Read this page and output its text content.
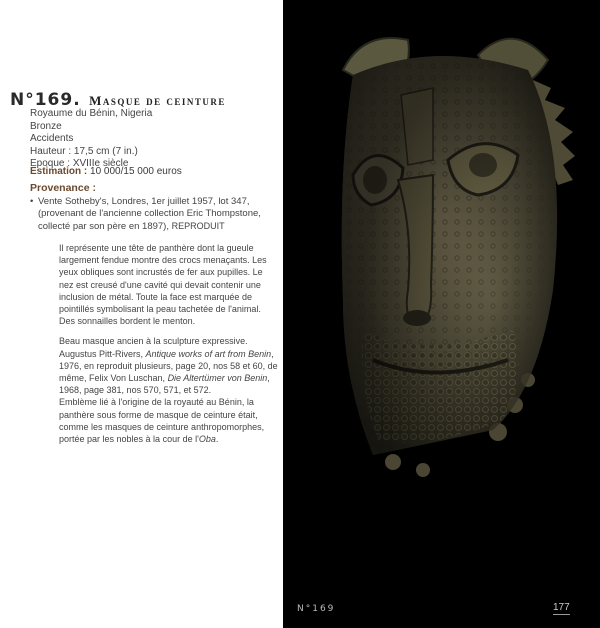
N°169. Masque de ceinture
Royaume du Bénin, Nigeria
Bronze
Accidents
Hauteur : 17,5 cm (7 in.)
Epoque : XVIIIe siècle
Estimation : 10 000/15 000 euros
Provenance :
• Vente Sotheby's, Londres, 1er juillet 1957, lot 347, (provenant de l'ancienne collection Eric Thompstone, collecté par son père en 1897), REPRODUIT

Il représente une tête de panthère dont la gueule largement fendue montre des crocs menaçants. Les yeux obliques sont incrustés de fer aux pupilles. Le nez est creusé d'une cavité qui devait contenir une inclusion de métal. Toute la face est marquée de pointillés symbolisant la peau tachetée de l'animal. Des sonnailles bordent le menton.

Beau masque ancien à la sculpture expressive. Augustus Pitt-Rivers, Antique works of art from Benin, 1976, en reproduit plusieurs, page 20, nos 58 et 60, de même, Felix Von Luschan, Die Altertümer von Benin, 1968, page 381, nos 570, 571, et 572.
Emblème lié à l'origine de la royauté au Bénin, la panthère sous forme de masque de ceinture était, comme les masques de ceinture anthropomorphes, portée par les nobles à la cour de l'Oba.

N°169	177
